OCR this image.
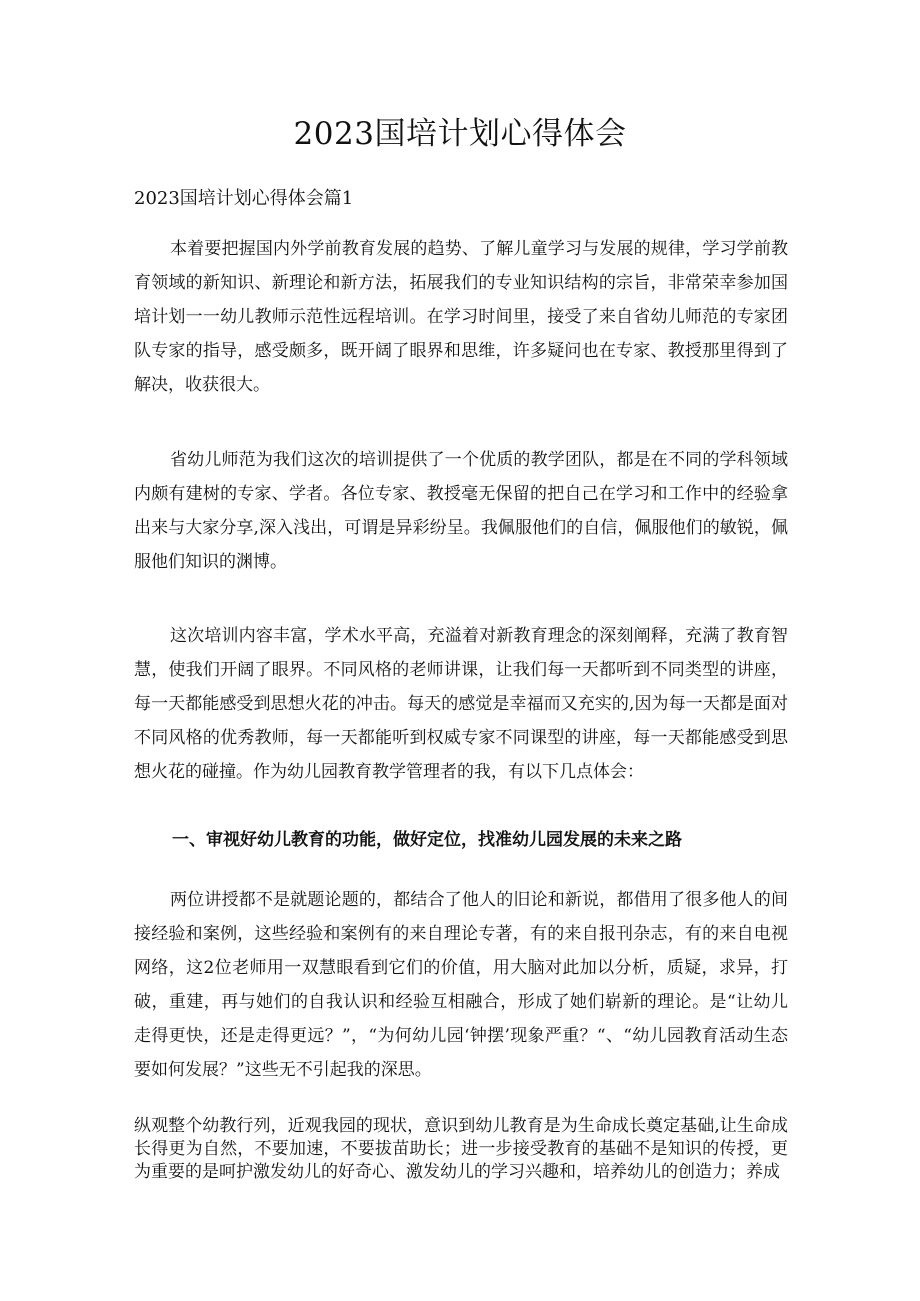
2023国培计划心得体会
2023国培计划心得体会篇1

本着要把握国内外学前教育发展的趋势、了解儿童学习与发展的规律，学习学前教育领域的新知识、新理论和新方法，拓展我们的专业知识结构的宗旨，非常荣幸参加国培计划一一幼儿教师示范性远程培训。在学习时间里，接受了来自省幼儿师范的专家团队专家的指导，感受颇多，既开阔了眼界和思维，许多疑问也在专家、教授那里得到了解决，收获很大。

省幼儿师范为我们这次的培训提供了一个优质的教学团队，都是在不同的学科领域内颇有建树的专家、学者。各位专家、教授毫无保留的把自己在学习和工作中的经验拿出来与大家分享,深入浅出，可谓是异彩纷呈。我佩服他们的自信，佩服他们的敏锐，佩服他们知识的渊博。

这次培训内容丰富，学术水平高，充溢着对新教育理念的深刻阐释，充满了教育智慧，使我们开阔了眼界。不同风格的老师讲课，让我们每一天都听到不同类型的讲座，每一天都能感受到思想火花的冲击。每天的感觉是幸福而又充实的,因为每一天都是面对不同风格的优秀教师，每一天都能听到权威专家不同课型的讲座，每一天都能感受到思想火花的碰撞。作为幼儿园教育教学管理者的我，有以下几点体会：

一、审视好幼儿教育的功能，做好定位，找准幼儿园发展的未来之路

两位讲授都不是就题论题的，都结合了他人的旧论和新说，都借用了很多他人的间接经验和案例，这些经验和案例有的来自理论专著，有的来自报刊杂志，有的来自电视网络，这2位老师用一双慧眼看到它们的价值，用大脑对此加以分析，质疑，求异，打破，重建，再与她们的自我认识和经验互相融合，形成了她们崭新的理论。是“让幼儿走得更快，还是走得更远？”，“为何幼儿园‘钟摆’现象严重？“、“幼儿园教育活动生态要如何发展？”这些无不引起我的深思。

纵观整个幼教行列，近观我园的现状，意识到幼儿教育是为生命成长奠定基础,让生命成长得更为自然，不要加速，不要拔苗助长；进一步接受教育的基础不是知识的传授，更为重要的是呵护激发幼儿的好奇心、激发幼儿的学习兴趣和，培养幼儿的创造力；养成
